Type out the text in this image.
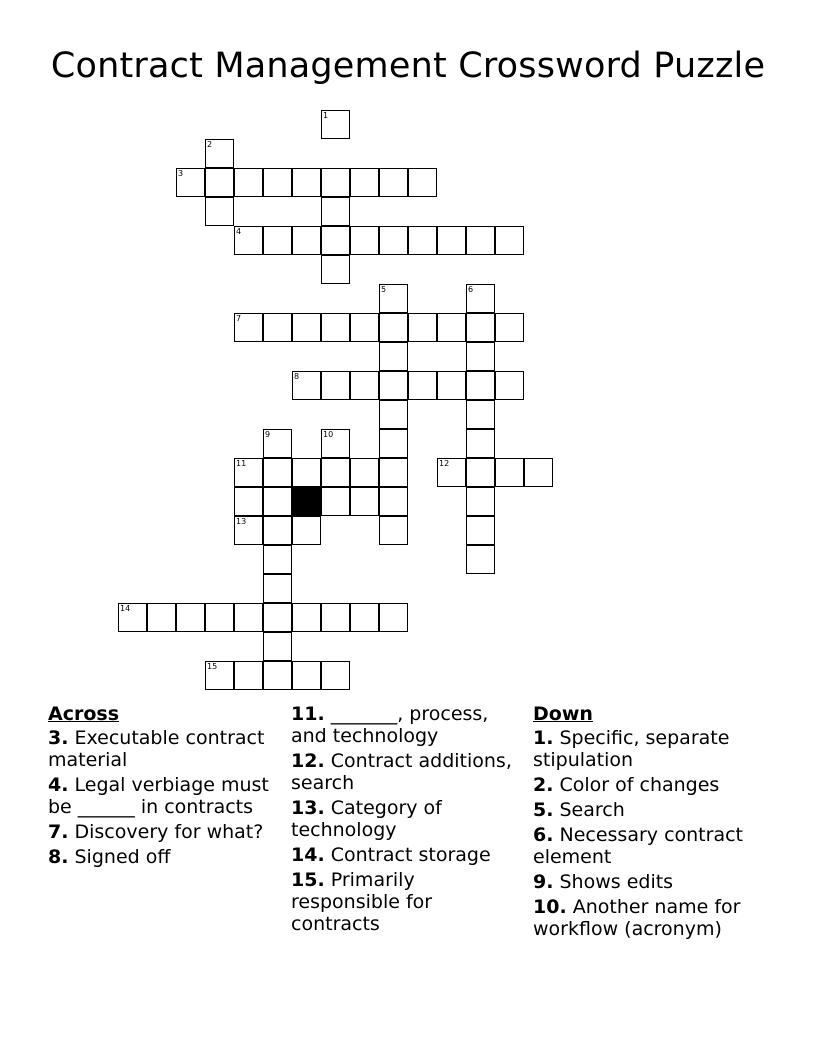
Contract Management Crossword Puzzle
1
2
3
4
5	6
7
8
9	10
11	12
13
14
15
Across
3. Executable contract material
4. Legal verbiage must be ______ in contracts
7. Discovery for what?
8. Signed off
11. _______, process, and technology
12. Contract additions, search
13. Category of technology
14. Contract storage
15. Primarily responsible for contracts
Down
1. Specific, separate stipulation
2. Color of changes
5. Search
6. Necessary contract element
9. Shows edits
10. Another name for workflow (acronym)
